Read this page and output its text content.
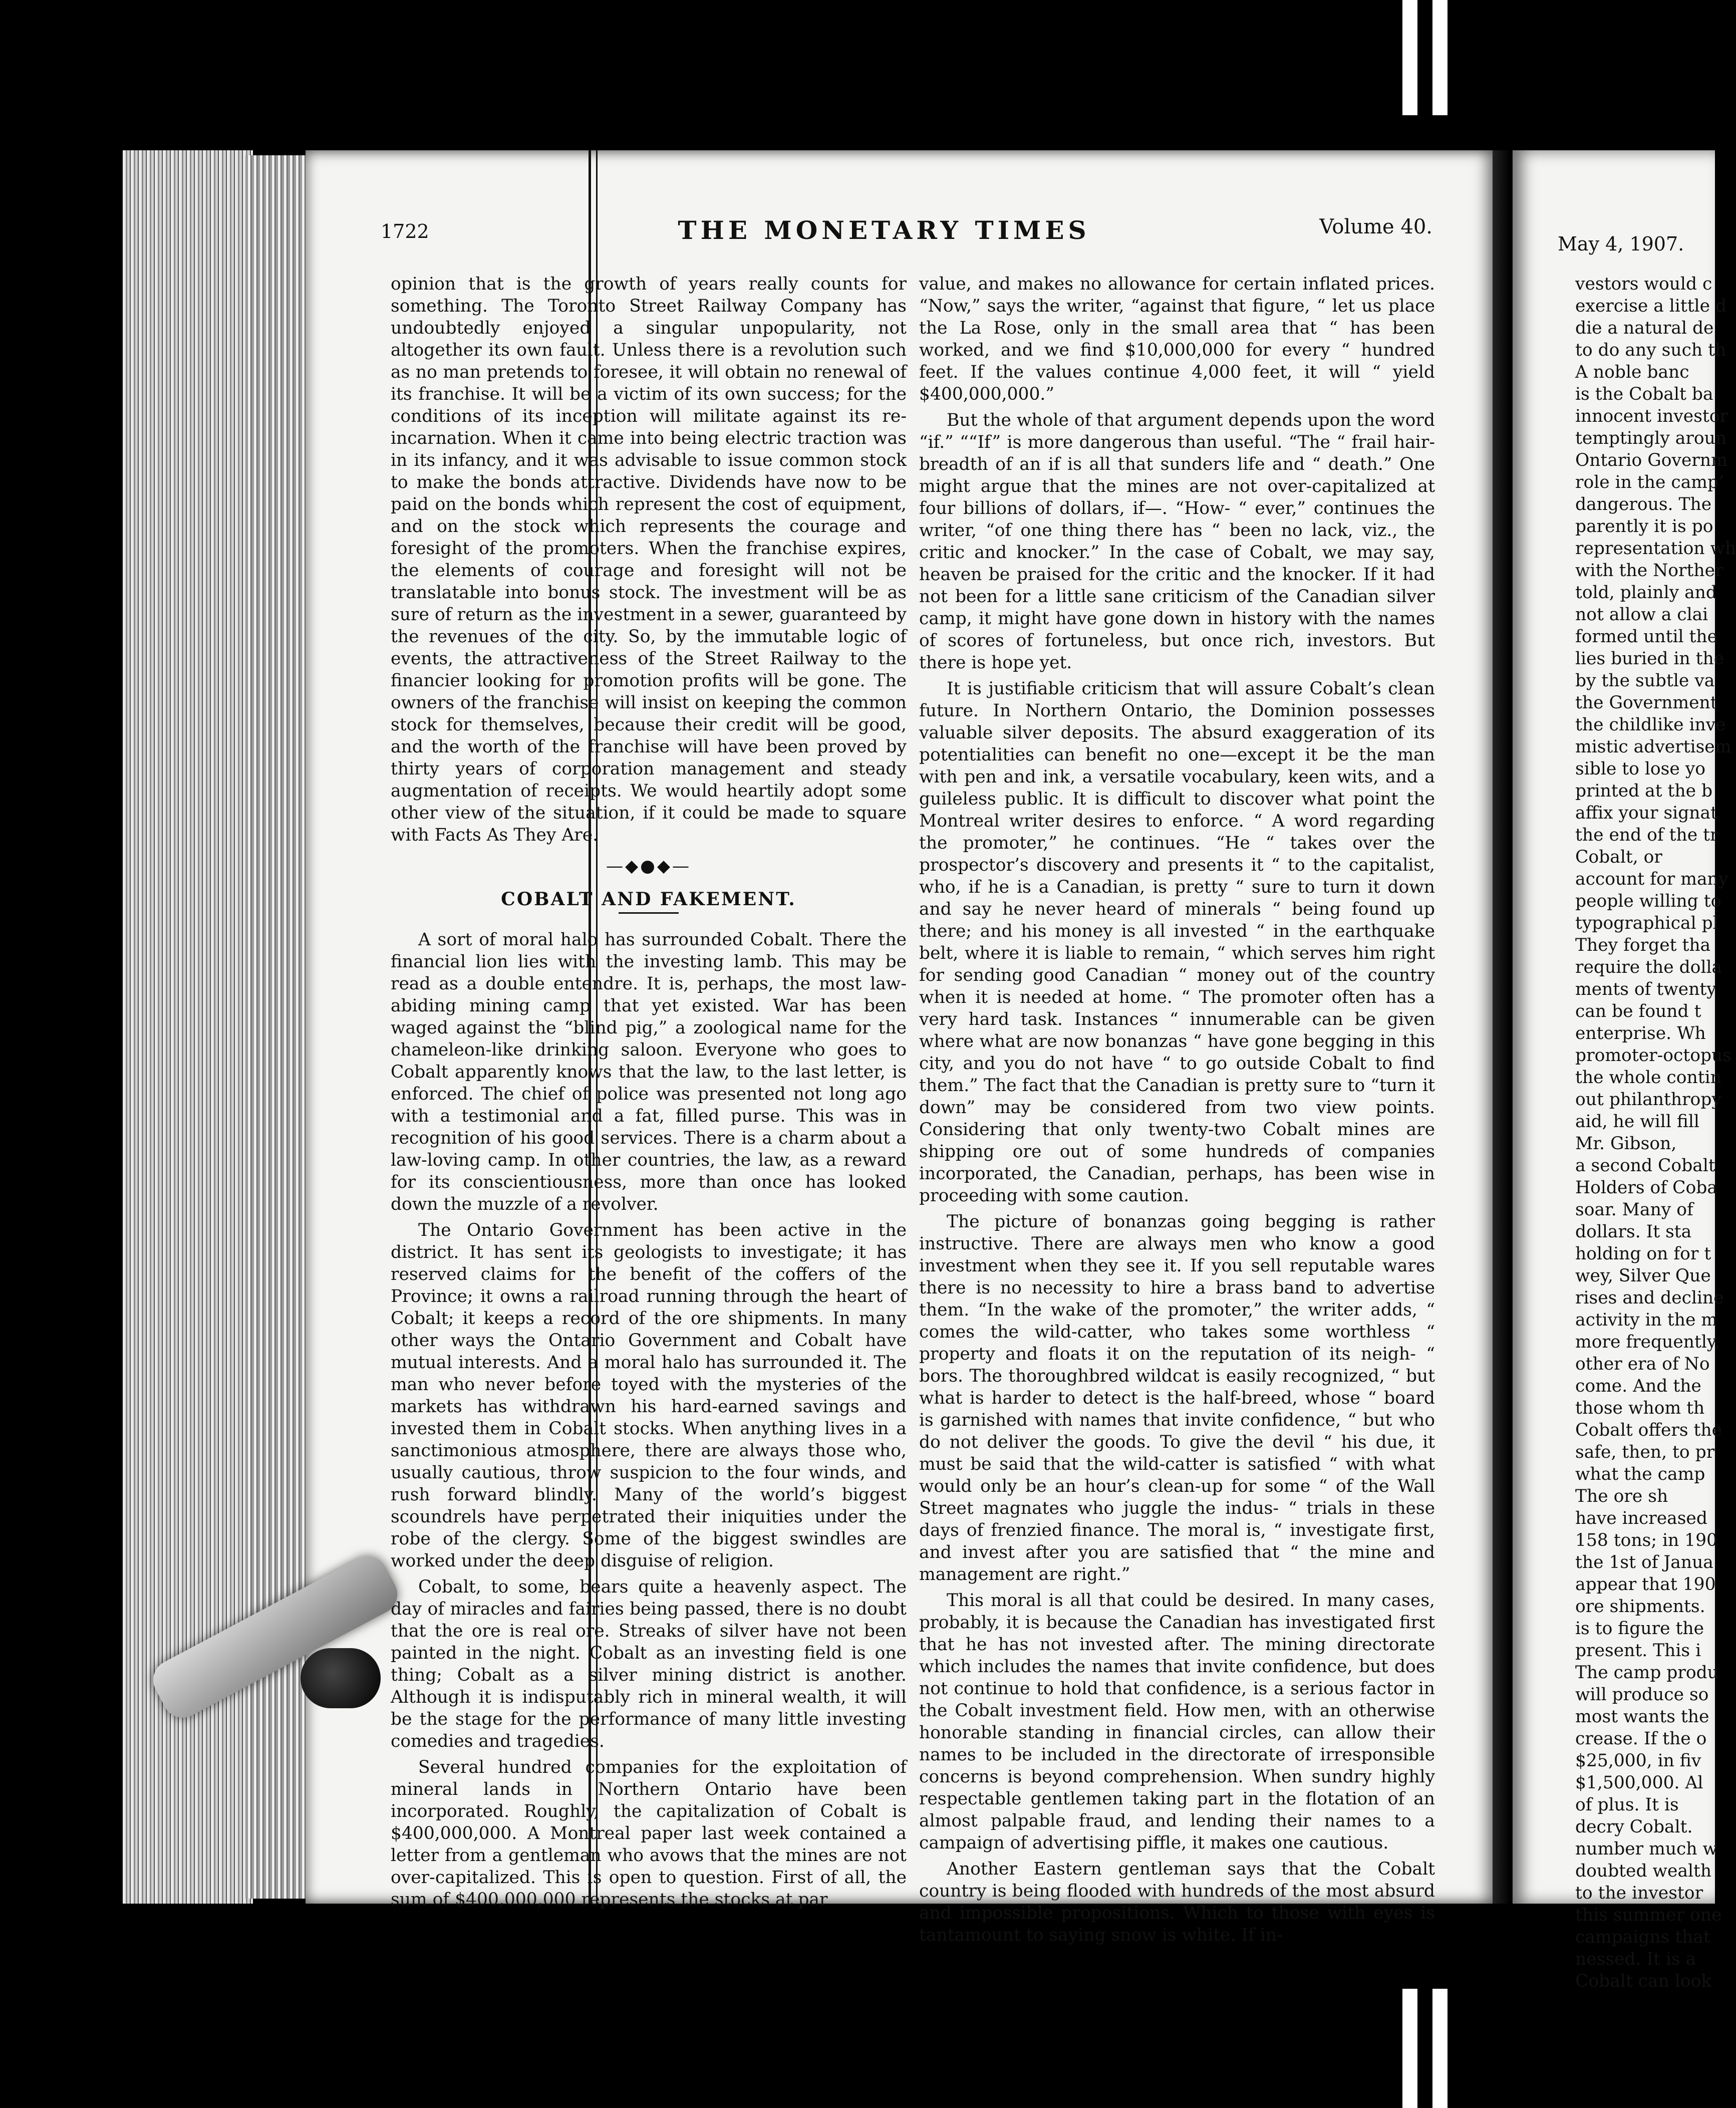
May 4, 1907.
vestors would c
exercise a little d
die a natural de
to do any such th
A noble banc
is the Cobalt ba
innocent investor
temptingly aroun
Ontario Governm
role in the camp’
dangerous. The
parently it is po
representation wh
with the Norther
told, plainly and
not allow a clai
formed until the
lies buried in the
by the subtle va
the Government
the childlike inve
mistic advertisem
sible to lose yo
printed at the b
affix your signat
the end of the tr
Cobalt, or
account for many
people willing to
typographical pl
They forget tha
require the dolla
ments of twenty
can be found t
enterprise. Wh
promoter-octopus
the whole contin
out philanthropy
aid, he will fill
Mr. Gibson,
a second Cobalt
Holders of Coba
soar. Many of
dollars. It sta
holding on for t
wey, Silver Que
rises and decline
activity in the m
more frequently,
other era of No
come. And the
those whom th
Cobalt offers the
safe, then, to pr
what the camp
The ore sh
have increased
158 tons; in 190
the 1st of Janua
appear that 190
ore shipments.
is to figure the
present. This i
The camp produ
will produce so
most wants the
crease. If the o
$25,000, in fiv
$1,500,000. Al
of plus. It is
decry Cobalt.
number much w
doubted wealth
to the investor
this summer one
campaigns that
nessed. It is a
Cobalt can look
1722	THE MONETARY TIMES	Volume 40.

opinion that is the growth of years really counts for something. The Toronto Street Railway Company has undoubtedly enjoyed a singular unpopularity, not altogether its own fault. Unless there is a revolution such as no man pretends to foresee, it will obtain no renewal of its franchise. It will be a victim of its own success; for the conditions of its inception will militate against its re-incarnation. When it came into being electric traction was in its infancy, and it was advisable to issue common stock to make the bonds attractive. Dividends have now to be paid on the bonds which represent the cost of equipment, and on the stock which represents the courage and foresight of the promoters. When the franchise expires, the elements of courage and foresight will not be translatable into bonus stock. The investment will be as sure of return as the investment in a sewer, guaranteed by the revenues of the city. So, by the immutable logic of events, the attractiveness of the Street Railway to the financier looking for promotion profits will be gone. The owners of the franchise will insist on keeping the common stock for themselves, because their credit will be good, and the worth of the franchise will have been proved by thirty years of corporation management and steady augmentation of receipts. We would heartily adopt some other view of the situation, if it could be made to square with Facts As They Are.

—◆●◆—
COBALT AND FAKEMENT.

A sort of moral halo has surrounded Cobalt. There the financial lion lies with the investing lamb. This may be read as a double entendre. It is, perhaps, the most law-abiding mining camp that yet existed. War has been waged against the “blind pig,” a zoological name for the chameleon-like drinking saloon. Everyone who goes to Cobalt apparently knows that the law, to the last letter, is enforced. The chief of police was presented not long ago with a testimonial and a fat, filled purse. This was in recognition of his good services. There is a charm about a law-loving camp. In other countries, the law, as a reward for its conscientiousness, more than once has looked down the muzzle of a revolver.

The Ontario Government has been active in the district. It has sent its geologists to investigate; it has reserved claims for the benefit of the coffers of the Province; it owns a railroad running through the heart of Cobalt; it keeps a record of the ore shipments. In many other ways the Ontario Government and Cobalt have mutual interests. And a moral halo has surrounded it. The man who never before toyed with the mysteries of the markets has withdrawn his hard-earned savings and invested them in Cobalt stocks. When anything lives in a sanctimonious atmosphere, there are always those who, usually cautious, throw suspicion to the four winds, and rush forward blindly. Many of the world’s biggest scoundrels have perpetrated their iniquities under the robe of the clergy. Some of the biggest swindles are worked under the deep disguise of religion.

Cobalt, to some, bears quite a heavenly aspect. The day of miracles and fairies being passed, there is no doubt that the ore is real ore. Streaks of silver have not been painted in the night. Cobalt as an investing field is one thing; Cobalt as a silver mining district is another. Although it is indisputably rich in mineral wealth, it will be the stage for the performance of many little investing comedies and tragedies.

Several hundred companies for the exploitation of mineral lands in Northern Ontario have been incorporated. Roughly, the capitalization of Cobalt is $400,000,000. A Montreal paper last week contained a letter from a gentleman who avows that the mines are not over-capitalized. This is open to question. First of all, the sum of $400,000,000 represents the stocks at par

value, and makes no allowance for certain inflated prices. “Now,” says the writer, “against that figure, “ let us place the La Rose, only in the small area that “ has been worked, and we find $10,000,000 for every “ hundred feet. If the values continue 4,000 feet, it will “ yield $400,000,000.”

But the whole of that argument depends upon the word “if.” ““If” is more dangerous than useful. “The “ frail hair-breadth of an if is all that sunders life and “ death.” One might argue that the mines are not over-capitalized at four billions of dollars, if—. “How- “ ever,” continues the writer, “of one thing there has “ been no lack, viz., the critic and knocker.” In the case of Cobalt, we may say, heaven be praised for the critic and the knocker. If it had not been for a little sane criticism of the Canadian silver camp, it might have gone down in history with the names of scores of fortuneless, but once rich, investors. But there is hope yet.

It is justifiable criticism that will assure Cobalt’s clean future. In Northern Ontario, the Dominion possesses valuable silver deposits. The absurd exaggeration of its potentialities can benefit no one—except it be the man with pen and ink, a versatile vocabulary, keen wits, and a guileless public. It is difficult to discover what point the Montreal writer desires to enforce. “ A word regarding the promoter,” he continues. “He “ takes over the prospector’s discovery and presents it “ to the capitalist, who, if he is a Canadian, is pretty “ sure to turn it down and say he never heard of minerals “ being found up there; and his money is all invested “ in the earthquake belt, where it is liable to remain, “ which serves him right for sending good Canadian “ money out of the country when it is needed at home. “ The promoter often has a very hard task. Instances “ innumerable can be given where what are now bonanzas “ have gone begging in this city, and you do not have “ to go outside Cobalt to find them.” The fact that the Canadian is pretty sure to “turn it down” may be considered from two view points. Considering that only twenty-two Cobalt mines are shipping ore out of some hundreds of companies incorporated, the Canadian, perhaps, has been wise in proceeding with some caution.

The picture of bonanzas going begging is rather instructive. There are always men who know a good investment when they see it. If you sell reputable wares there is no necessity to hire a brass band to advertise them. “In the wake of the promoter,” the writer adds, “ comes the wild-catter, who takes some worthless “ property and floats it on the reputation of its neigh- “ bors. The thoroughbred wildcat is easily recognized, “ but what is harder to detect is the half-breed, whose “ board is garnished with names that invite confidence, “ but who do not deliver the goods. To give the devil “ his due, it must be said that the wild-catter is satisfied “ with what would only be an hour’s clean-up for some “ of the Wall Street magnates who juggle the indus- “ trials in these days of frenzied finance. The moral is, “ investigate first, and invest after you are satisfied that “ the mine and management are right.”

This moral is all that could be desired. In many cases, probably, it is because the Canadian has investigated first that he has not invested after. The mining directorate which includes the names that invite confidence, but does not continue to hold that confidence, is a serious factor in the Cobalt investment field. How men, with an otherwise honorable standing in financial circles, can allow their names to be included in the directorate of irresponsible concerns is beyond comprehension. When sundry highly respectable gentlemen taking part in the flotation of an almost palpable fraud, and lending their names to a campaign of advertising piffle, it makes one cautious.

Another Eastern gentleman says that the Cobalt country is being flooded with hundreds of the most absurd and impossible propositions. Which to those with eyes is tantamount to saying snow is white. If in-
